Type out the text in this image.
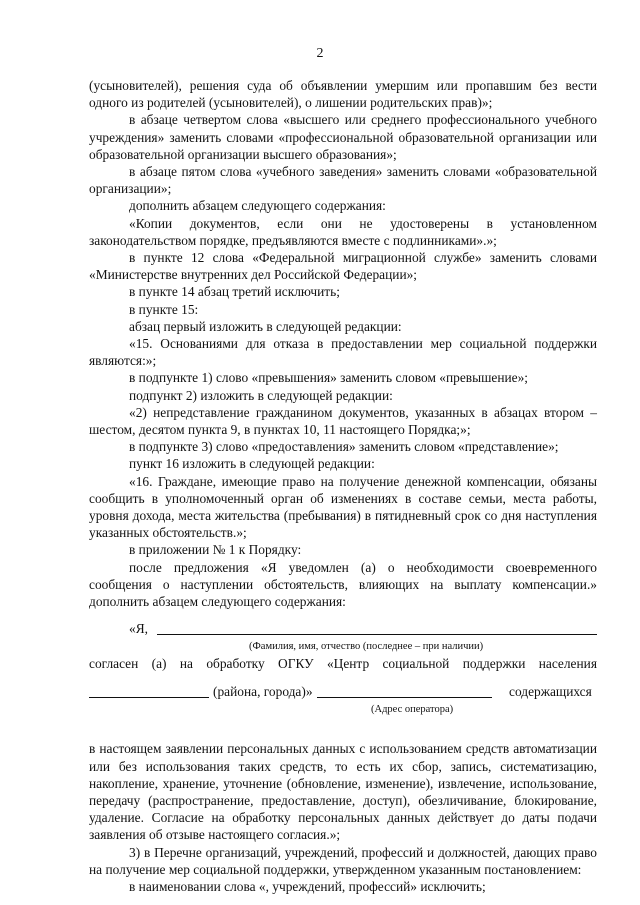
2

(усыновителей), решения суда об объявлении умершим или пропавшим без вести одного из родителей (усыновителей), о лишении родительских прав)»;

в абзаце четвертом слова «высшего или среднего профессионального учебного учреждения» заменить словами «профессиональной образовательной организации или образовательной организации высшего образования»;

в абзаце пятом слова «учебного заведения» заменить словами «образовательной организации»;

дополнить абзацем следующего содержания:

«Копии документов, если они не удостоверены в установленном законодательством порядке, предъявляются вместе с подлинниками».»;

в пункте 12 слова «Федеральной миграционной службе» заменить словами «Министерстве внутренних дел Российской Федерации»;

в пункте 14 абзац третий исключить;

в пункте 15:

абзац первый изложить в следующей редакции:

«15. Основаниями для отказа в предоставлении мер социальной поддержки являются:»;

в подпункте 1) слово «превышения» заменить словом «превышение»;

подпункт 2) изложить в следующей редакции:

«2) непредставление гражданином документов, указанных в абзацах втором – шестом, десятом пункта 9, в пунктах 10, 11 настоящего Порядка;»;

в подпункте 3) слово «предоставления» заменить словом «представление»;

пункт 16 изложить в следующей редакции:

«16. Граждане, имеющие право на получение денежной компенсации, обязаны сообщить в уполномоченный орган об изменениях в составе семьи, места работы, уровня дохода, места жительства (пребывания) в пятидневный срок со дня наступления указанных обстоятельств.»;

в приложении № 1 к Порядку:

после предложения «Я уведомлен (а) о необходимости своевременного сообщения о наступлении обстоятельств, влияющих на выплату компенсации.» дополнить абзацем следующего содержания:

«Я,
(Фамилия, имя, отчество (последнее – при наличии)
согласен (а) на обработку ОГКУ «Центр социальной поддержки населения
(района, города)»	содержащихся
(Адрес оператора)

в настоящем заявлении персональных данных с использованием средств автоматизации или без использования таких средств, то есть их сбор, запись, систематизацию, накопление, хранение, уточнение (обновление, изменение), извлечение, использование, передачу (распространение, предоставление, доступ), обезличивание, блокирование, удаление. Согласие на обработку персональных данных действует до даты подачи заявления об отзыве настоящего согласия.»;

3) в Перечне организаций, учреждений, профессий и должностей, дающих право на получение мер социальной поддержки, утвержденном указанным постановлением:

в наименовании слова «, учреждений, профессий» исключить;
